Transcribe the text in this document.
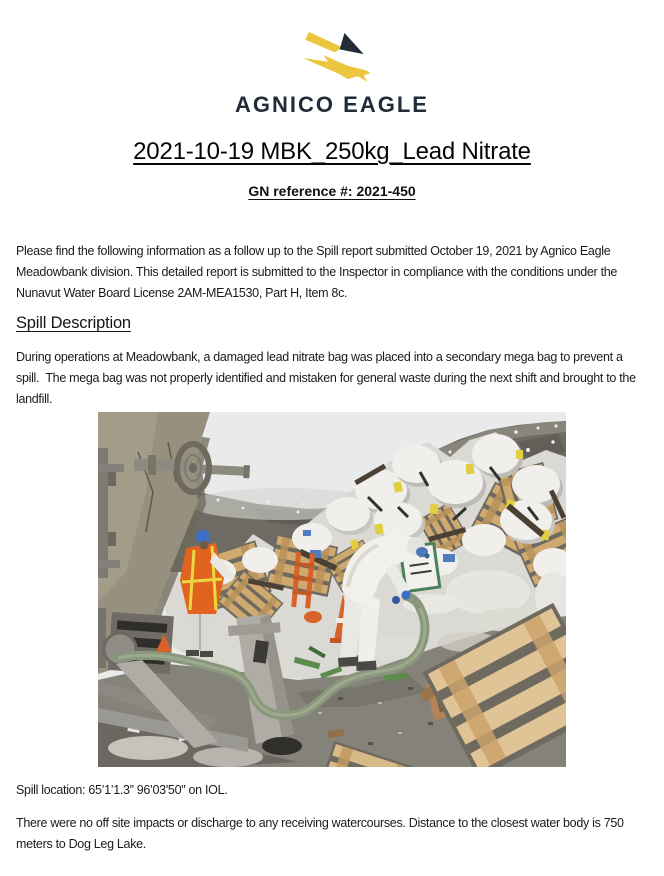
AGNICO EAGLE
2021-10-19 MBK_250kg_Lead Nitrate
GN reference #: 2021-450

Please find the following information as a follow up to the Spill report submitted October 19, 2021 by Agnico Eagle Meadowbank division. This detailed report is submitted to the Inspector in compliance with the conditions under the Nunavut Water Board License 2AM-MEA1530, Part H, Item 8c.

Spill Description

During operations at Meadowbank, a damaged lead nitrate bag was placed into a secondary mega bag to prevent a spill.  The mega bag was not properly identified and mistaken for general waste during the next shift and brought to the landfill.

Spill location: 65’1’1.3” 96’03'50" on IOL.

There were no off site impacts or discharge to any receiving watercourses. Distance to the closest water body is 750 meters to Dog Leg Lake.
